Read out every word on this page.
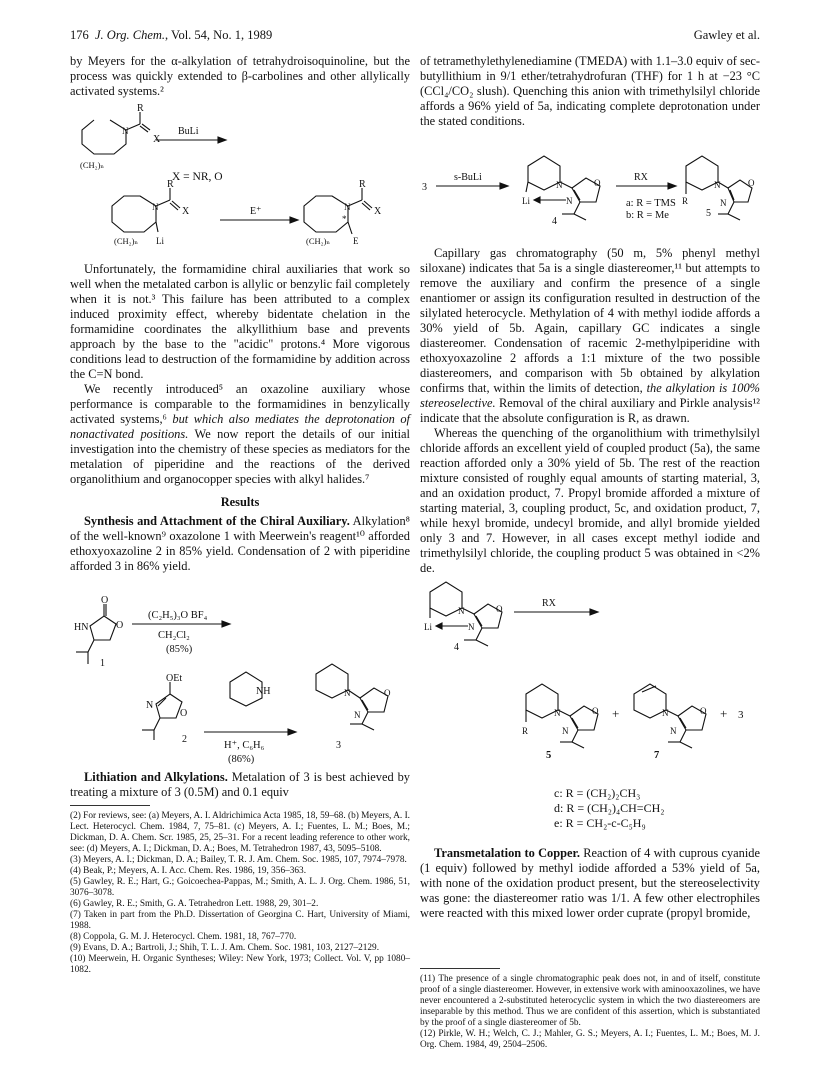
176 J. Org. Chem., Vol. 54, No. 1, 1989	Gawley et al.

by Meyers for the α-alkylation of tetrahydroisoquinoline, but the process was quickly extended to β-carbolines and other allylically activated systems.²

R
N
X
(CH₂)ₙ
BuLi
X = NR, O
R
N X
(CH₂)ₙ Li
E⁺
R
N X
*
(CH₂)ₙ	E

Unfortunately, the formamidine chiral auxiliaries that work so well when the metalated carbon is allylic or benzylic fail completely when it is not.³ This failure has been attributed to a complex induced proximity effect, whereby bidentate chelation in the formamidine coordinates the alkyllithium base and prevents approach by the base to the "acidic" protons.⁴ More vigorous conditions lead to destruction of the formamidine by addition across the C=N bond.

We recently introduced⁵ an oxazoline auxiliary whose performance is comparable to the formamidines in benzylically activated systems,⁶ but which also mediates the deprotonation of nonactivated positions. We now report the details of our initial investigation into the chemistry of these species as mediators for the metalation of piperidine and the reactions of the derived organolithium and organocopper species with alkyl halides.⁷

Results

Synthesis and Attachment of the Chiral Auxiliary. Alkylation⁸ of the well-known⁹ oxazolone 1 with Meerwein's reagent¹⁰ afforded ethoxyoxazoline 2 in 85% yield. Condensation of 2 with piperidine afforded 3 in 86% yield.

O
O
HN
1
(C₂H₅)₃O BF₄
CH₂Cl₂
(85%)
OEt
N
O
2
NH
H⁺, C₆H₆
(86%)
N	O
N
3

Lithiation and Alkylations. Metalation of 3 is best achieved by treating a mixture of 3 (0.5M) and 0.1 equiv

(2) For reviews, see: (a) Meyers, A. I. Aldrichimica Acta 1985, 18, 59–68. (b) Meyers, A. I. Lect. Heterocycl. Chem. 1984, 7, 75–81. (c) Meyers, A. I.; Fuentes, L. M.; Boes, M.; Dickman, D. A. Chem. Scr. 1985, 25, 25–31. For a recent leading reference to other work, see: (d) Meyers, A. I.; Dickman, D. A.; Boes, M. Tetrahedron 1987, 43, 5095–5108.
(3) Meyers, A. I.; Dickman, D. A.; Bailey, T. R. J. Am. Chem. Soc. 1985, 107, 7974–7978.
(4) Beak, P.; Meyers, A. I. Acc. Chem. Res. 1986, 19, 356–363.
(5) Gawley, R. E.; Hart, G.; Goicoechea-Pappas, M.; Smith, A. L. J. Org. Chem. 1986, 51, 3076–3078.
(6) Gawley, R. E.; Smith, G. A. Tetrahedron Lett. 1988, 29, 301–2.
(7) Taken in part from the Ph.D. Dissertation of Georgina C. Hart, University of Miami, 1988.
(8) Coppola, G. M. J. Heterocycl. Chem. 1981, 18, 767–770.
(9) Evans, D. A.; Bartroli, J.; Shih, T. L. J. Am. Chem. Soc. 1981, 103, 2127–2129.
(10) Meerwein, H. Organic Syntheses; Wiley: New York, 1973; Collect. Vol. V, pp 1080–1082.

of tetramethylethylenediamine (TMEDA) with 1.1–3.0 equiv of sec-butyllithium in 9/1 ether/tetrahydrofuran (THF) for 1 h at −23 °C (CCl₄/CO₂ slush). Quenching this anion with trimethylsilyl chloride affords a 96% yield of 5a, indicating complete deprotonation under the stated conditions.

3
s-BuLi
N	O
Li	N
4
RX
a: R = TMS
b: R = Me
N	O
R	N
5

Capillary gas chromatography (50 m, 5% phenyl methyl siloxane) indicates that 5a is a single diastereomer,¹¹ but attempts to remove the auxiliary and confirm the presence of a single enantiomer or assign its configuration resulted in destruction of the silylated heterocycle. Methylation of 4 with methyl iodide affords a 30% yield of 5b. Again, capillary GC indicates a single diastereomer. Condensation of racemic 2-methylpiperidine with ethoxyoxazoline 2 affords a 1:1 mixture of the two possible diastereomers, and comparison with 5b obtained by alkylation confirms that, within the limits of detection, the alkylation is 100% stereoselective. Removal of the chiral auxiliary and Pirkle analysis¹² indicate that the absolute configuration is R, as drawn.

Whereas the quenching of the organolithium with trimethylsilyl chloride affords an excellent yield of coupled product (5a), the same reaction afforded only a 30% yield of 5b. The rest of the reaction mixture consisted of roughly equal amounts of starting material, 3, and an oxidation product, 7. Propyl bromide afforded a mixture of starting material, 3, coupling product, 5c, and oxidation product, 7, while hexyl bromide, undecyl bromide, and allyl bromide yielded only 3 and 7. However, in all cases except methyl iodide and trimethylsilyl chloride, the coupling product 5 was obtained in <2% de.

N	O
Li	N
4
RX
N	O
R	N
5
+	N	O
N
7
+ 3
c: R = (CH₂)₂CH₃
d: R = (CH₂)₄CH=CH₂
e: R = CH₂-c-C₅H₉

Transmetalation to Copper. Reaction of 4 with cuprous cyanide (1 equiv) followed by methyl iodide afforded a 53% yield of 5a, with none of the oxidation product present, but the stereoselectivity was gone: the diastereomer ratio was 1/1. A few other electrophiles were reacted with this mixed lower order cuprate (propyl bromide,

(11) The presence of a single chromatographic peak does not, in and of itself, constitute proof of a single diastereomer. However, in extensive work with aminooxazolines, we have never encountered a 2-substituted heterocyclic system in which the two diastereomers are inseparable by this method. Thus we are confident of this assertion, which is substantiated by the proof of a single diastereomer of 5b.
(12) Pirkle, W. H.; Welch, C. J.; Mahler, G. S.; Meyers, A. I.; Fuentes, L. M.; Boes, M. J. Org. Chem. 1984, 49, 2504–2506.
